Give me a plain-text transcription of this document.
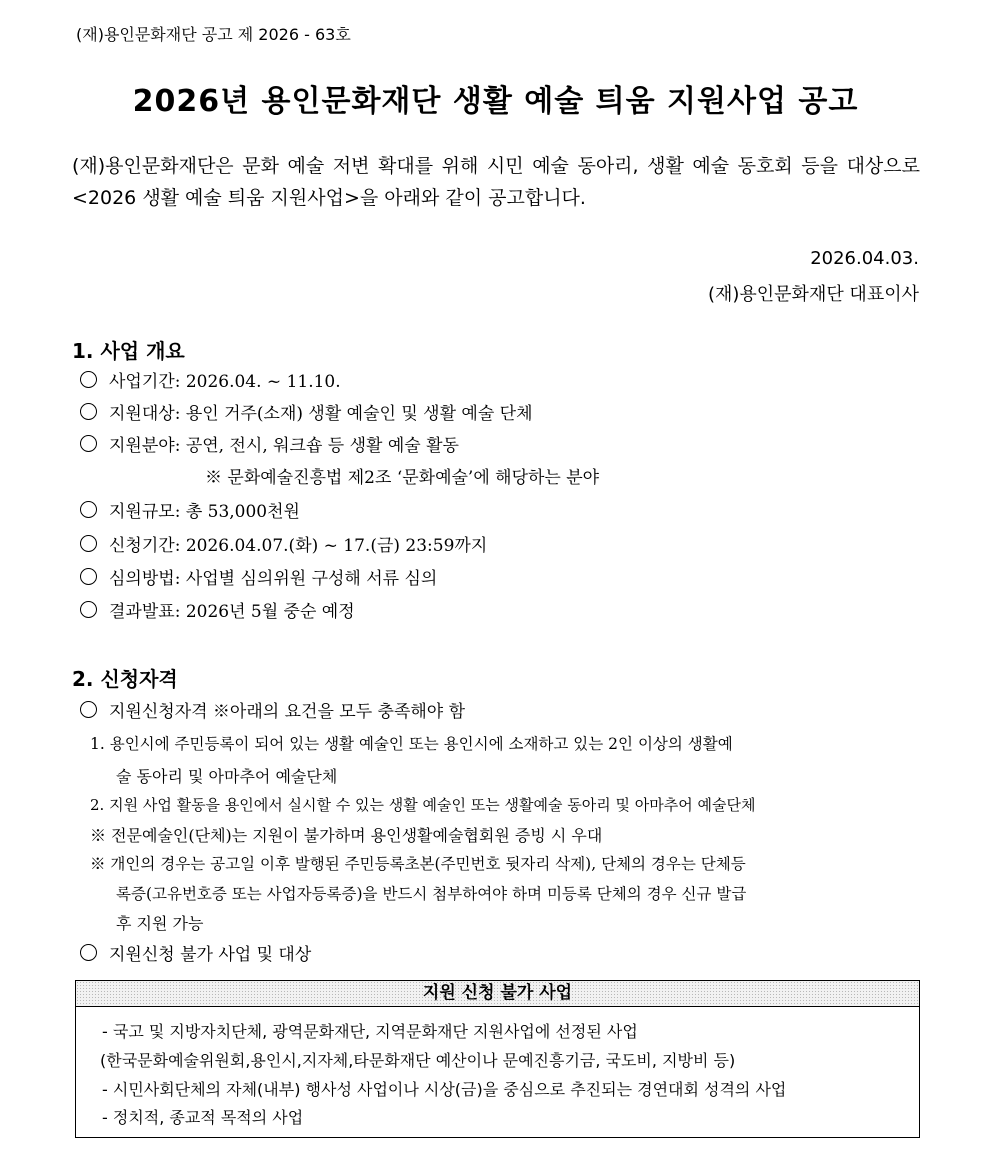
(재)용인문화재단 공고 제 2026 - 63호
2026년 용인문화재단 생활 예술 틔움 지원사업 공고
(재)용인문화재단은 문화 예술 저변 확대를 위해 시민 예술 동아리, 생활 예술 동호회 등을 대상으로 <2026 생활 예술 틔움 지원사업>을 아래와 같이 공고합니다.
2026.04.03.
(재)용인문화재단 대표이사
1. 사업 개요
사업기간: 2026.04. ~ 11.10.
지원대상: 용인 거주(소재) 생활 예술인 및 생활 예술 단체
지원분야: 공연, 전시, 워크숍 등 생활 예술 활동
※ 문화예술진흥법 제2조 ‘문화예술’에 해당하는 분야
지원규모: 총 53,000천원
신청기간: 2026.04.07.(화) ~ 17.(금) 23:59까지
심의방법: 사업별 심의위원 구성해 서류 심의
결과발표: 2026년 5월 중순 예정
2. 신청자격
지원신청자격 ※아래의 요건을 모두 충족해야 함
1. 용인시에 주민등록이 되어 있는 생활 예술인 또는 용인시에 소재하고 있는 2인 이상의 생활예
술 동아리 및 아마추어 예술단체
2. 지원 사업 활동을 용인에서 실시할 수 있는 생활 예술인 또는 생활예술 동아리 및 아마추어 예술단체
※ 전문예술인(단체)는 지원이 불가하며 용인생활예술협회원 증빙 시 우대
※ 개인의 경우는 공고일 이후 발행된 주민등록초본(주민번호 뒷자리 삭제), 단체의 경우는 단체등
록증(고유번호증 또는 사업자등록증)을 반드시 첨부하여야 하며 미등록 단체의 경우 신규 발급
후 지원 가능
지원신청 불가 사업 및 대상
지원 신청 불가 사업
- 국고 및 지방자치단체, 광역문화재단, 지역문화재단 지원사업에 선정된 사업
(한국문화예술위원회,용인시,지자체,타문화재단 예산이나 문예진흥기금, 국도비, 지방비 등)
- 시민사회단체의 자체(내부) 행사성 사업이나 시상(금)을 중심으로 추진되는 경연대회 성격의 사업
- 정치적, 종교적 목적의 사업
